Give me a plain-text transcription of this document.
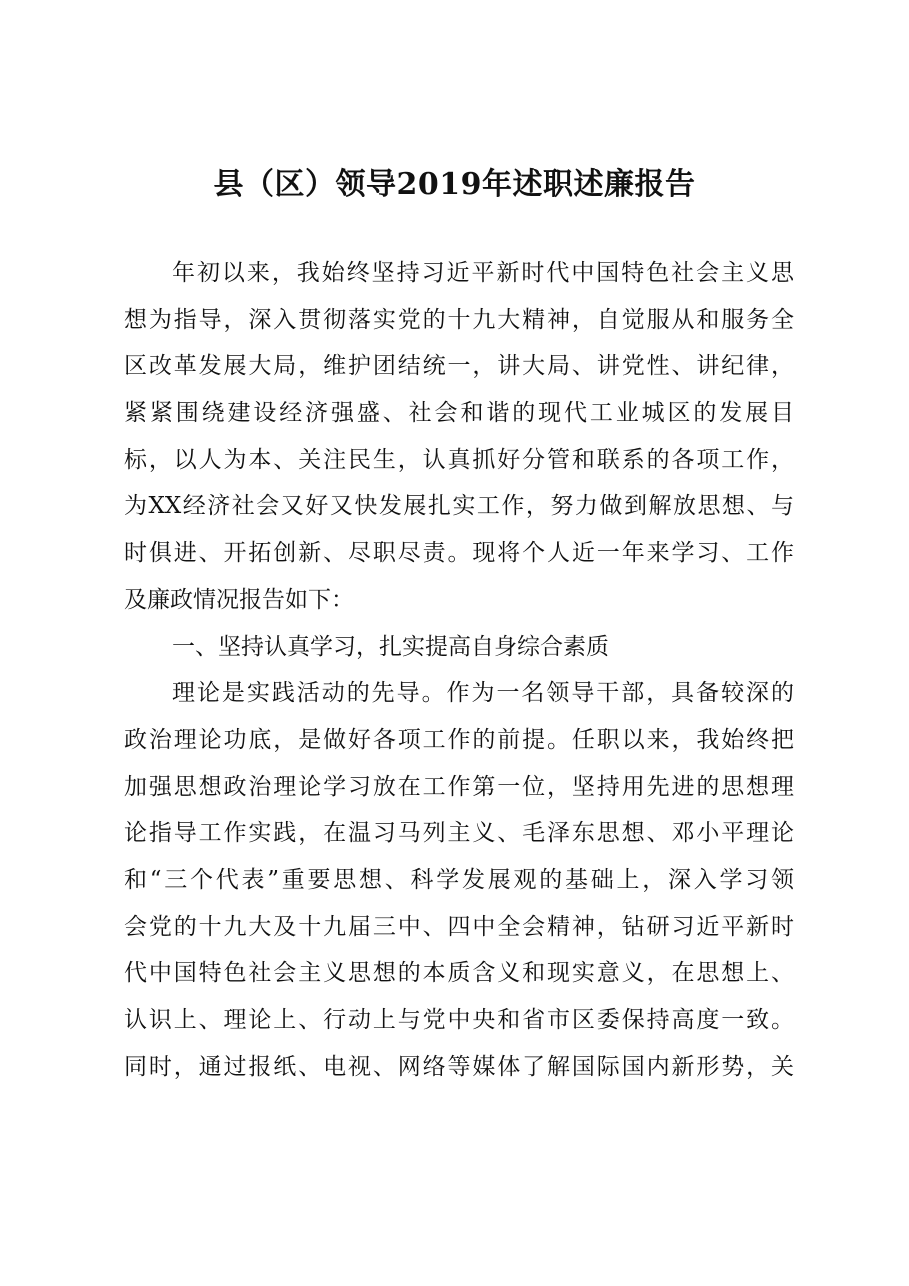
县（区）领导2019年述职述廉报告
年初以来，我始终坚持习近平新时代中国特色社会主义思
想为指导，深入贯彻落实党的十九大精神，自觉服从和服务全
区改革发展大局，维护团结统一，讲大局、讲党性、讲纪律，
紧紧围绕建设经济强盛、社会和谐的现代工业城区的发展目
标，以人为本、关注民生，认真抓好分管和联系的各项工作，
为XX经济社会又好又快发展扎实工作，努力做到解放思想、与
时俱进、开拓创新、尽职尽责。现将个人近一年来学习、工作
及廉政情况报告如下：
一、坚持认真学习，扎实提高自身综合素质
理论是实践活动的先导。作为一名领导干部，具备较深的
政治理论功底，是做好各项工作的前提。任职以来，我始终把
加强思想政治理论学习放在工作第一位，坚持用先进的思想理
论指导工作实践，在温习马列主义、毛泽东思想、邓小平理论
和“三个代表”重要思想、科学发展观的基础上，深入学习领
会党的十九大及十九届三中、四中全会精神，钻研习近平新时
代中国特色社会主义思想的本质含义和现实意义，在思想上、
认识上、理论上、行动上与党中央和省市区委保持高度一致。
同时，通过报纸、电视、网络等媒体了解国际国内新形势，关
